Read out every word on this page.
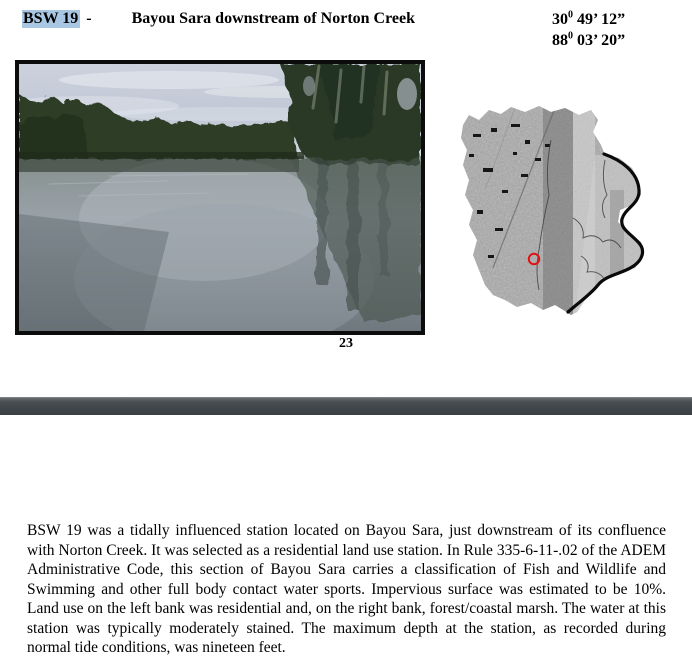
BSW 19 -	Bayou Sara downstream of Norton Creek	$30^0$ 49’ 12”
$88^0$ 03’ 20”
23
BSW 19 was a tidally influenced station located on Bayou Sara, just downstream of its confluence with Norton Creek. It was selected as a residential land use station. In Rule 335-6-11-.02 of the ADEM Administrative Code, this section of Bayou Sara carries a classification of Fish and Wildlife and Swimming and other full body contact water sports. Impervious surface was estimated to be 10%. Land use on the left bank was residential and, on the right bank, forest/coastal marsh. The water at this station was typically moderately stained. The maximum depth at the station, as recorded during normal tide conditions, was nineteen feet.
